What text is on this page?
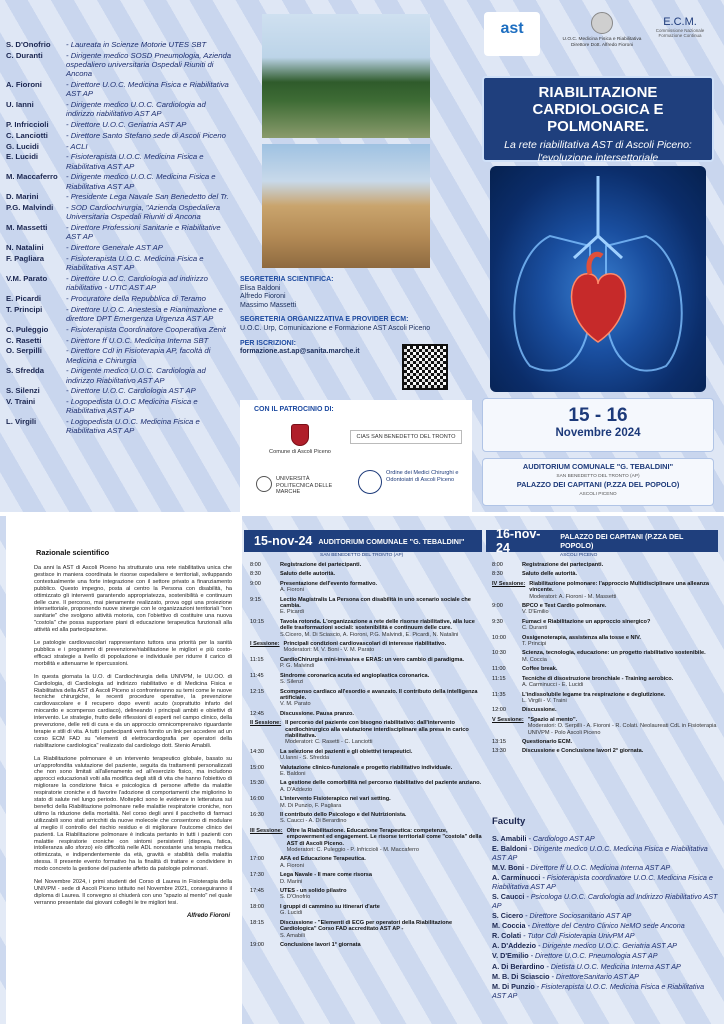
S. D'Onofrio	- Laureata in Scienze Motorie UTES SBT
C. Duranti	- Dirigente medico SOSD Pneumologia, Azienda ospedaliero universitaria Ospedali Riuniti di Ancona
A. Fioroni	- Direttore U.O.C. Medicina Fisica e Riabilitativa AST AP
U. Ianni	- Dirigente medico U.O.C. Cardiologia ad indirizzo riabilitativo AST AP
P. Infriccioli	- Direttore U.O.C. Geriatria AST AP
C. Lanciotti	- Direttore Santo Stefano sede di Ascoli Piceno
G. Lucidi	- ACLI
E. Lucidi	- Fisioterapista U.O.C. Medicina Fisica e Riabilitativa AST AP
M. Maccaferro	- Dirigente medico U.O.C. Medicina Fisica e Riabilitativa AST AP
D. Marini	- Presidente Lega Navale San Benedetto del Tr.
P.G. Malvindi	- SOD Cardiochirurgia, "Azienda Ospedaliera Universitaria Ospedali Riuniti di Ancona
M. Massetti	- Direttore Professioni Sanitarie e Riabilitative AST AP
N. Natalini	- Direttore Generale AST AP
F. Pagliara	- Fisioterapista U.O.C. Medicina Fisica e Riabilitativa AST AP
V.M. Parato	- Direttore U.O.C. Cardiologia ad indirizzo riabilitativo - UTIC AST AP
E. Picardi	- Procuratore della Repubblica di Teramo
T. Principi	- Direttore U.O.C. Anestesia e Rianimazione e direttore DPT Emergenza Urgenza AST AP
C. Puleggio	- Fisioterapista Coordinatore Cooperativa Zenit
C. Rasetti	- Direttore ff U.O.C. Medicina Interna SBT
O. Serpilli	- Direttore CdI in Fisioterapia AP, facoltà di Medicina e Chirurgia
S. Sfredda	- Dirigente medico U.O.C. Cardiologia ad indirizzo Riabilitativo AST AP
S. Silenzi	- Direttore U.O.C. Cardiologia AST AP
V. Traini	- Logopedista U.O.C Medicina Fisica e Riabilitativa AST AP
L. Virgili	- Logopedista U.O.C. Medicina Fisica e Riabilitativa AST AP
SEGRETERIA SCIENTIFICA:
Elisa Baldoni
Alfredo Fioroni
Massimo Massetti
SEGRETERIA ORGANIZZATIVA E PROVIDER ECM:
U.O.C. Urp, Comunicazione e Formazione AST Ascoli Piceno
PER ISCRIZIONI:
formazione.ast.ap@sanita.marche.it
CON IL PATROCINIO DI:
Comune di Ascoli Piceno
CIAS SAN BENEDETTO DEL TRONTO
UNIVERSITÀ POLITECNICA DELLE MARCHE
Ordine dei Medici Chirurghi e Odontoiatri di Ascoli Piceno
ast
U.O.C. Medicina Fisica e Riabilitativa
Direttore Dott. Alfredo Fioroni
E.C.M.
Commissione Nazionale Formazione Continua
RIABILITAZIONE CARDIOLOGICA E POLMONARE.
La rete riabilitativa AST di Ascoli Piceno: l'evoluzione intersettoriale
15 - 16
Novembre 2024
AUDITORIUM COMUNALE "G. TEBALDINI"
SAN BENEDETTO DEL TRONTO (AP)
PALAZZO DEI CAPITANI (P.ZZA DEL POPOLO)
ASCOLI PICENO
Razionale scientifico

Da anni la AST di Ascoli Piceno ha strutturato una rete riabilitativa unica che gestisce in maniera coordinata le risorse ospedaliere e territoriali, sviluppando contestualmente una forte integrazione con il settore privato a finanziamento pubblico. Questo impegno, posta al centro la Persona con disabilità, ha ottimizzato gli interventi garantendo appropriatezza, sostenibilità e continuum delle cure. Il percorso, mai pienamente realizzato, prova oggi una proiezione intersettoriale, proponendo nuove sinergie con le organizzazioni territoriali "non sanitarie" che svolgono attività motoria, con l'obiettivo di costituire una nuova "costola" che possa supportare piani di educazione terapeutica funzionali alla attività ed alla partecipazione.

Le patologie cardiovascolari rappresentano tuttora una priorità per la sanità pubblica e i programmi di prevenzione/riabilitazione le migliori e più costo-efficaci strategie a livello di popolazione e individuale per ridurre il carico di morbilità e attenuarne le ripercussioni.

In questa giornata la U.O. di Cardiochirurgia della UNIVPM, le UU.OO. di Cardiologia, di Cardiologia ad indirizzo riabilitativo e di Medicina Fisica e Riabilitativa della AST di Ascoli Piceno si confronteranno su temi come le nuove tecniche chirurgiche, le recenti procedure operative, la prevenzione cardiovascolare e il recupero dopo eventi acuto (soprattutto infarto del miocardio e scompenso cardiaco), delineando i principali ambiti e obiettivi di intervento. Le strategie, frutto delle riflessioni di esperti nel campo clinico, della prevenzione, delle reti di cura e da un approccio omnicomprensivo riguardante terapie e stili di vita. A tutti i partecipanti verrà fornito un link per accedere ad un corso ECM FAD su "elementi di elettrocardiografia per operatori della riabilitazione cardiologica" realizzato dal cardiologo dott. Stenio Amabili.

La Riabilitazione polmonare è un intervento terapeutico globale, basato su un'approfondita valutazione del paziente, seguita da trattamenti personalizzati che non sono limitati all'allenamento ed all'esercizio fisico, ma includono approcci educazionali volti alla modifica degli stili di vita che hanno l'obiettivo di migliorare la condizione fisica e psicologica di persone affette da malattie respiratorie croniche e di favorire l'adozione di comportamenti che migliorino lo stato di salute nel lungo periodo. Molteplici sono le evidenze in letteratura sui benefici della Riabilitazione polmonare nelle malattie respiratorie croniche, non ultimo la riduzione della mortalità. Nel corso degli anni il pacchetto di farmaci utilizzabili sono stati arricchiti da nuove molecole che consentono di modulare al meglio il controllo del rischio residuo e di migliorare l'outcome clinico dei pazienti. La Riabilitazione polmonare è indicata pertanto in tutti i pazienti con malattie respiratorie croniche con sintomi persistenti (dispnea, fatica, intolleranza allo sforzo) e/o difficoltà nelle ADL nonostante una terapia medica ottimizzata, e indipendentemente da età, gravità e stabilità della malattia stessa. Il presente evento formativo ha la finalità di trattare e condividere in modo concreto la gestione del paziente affetto da patologie polmonari.

Nel Novembre 2024, i primi studenti del Corso di Laurea in Fisioterapia della UNIVPM - sede di Ascoli Piceno istituito nel Novembre 2021, conseguiranno il diploma di Laurea. Il convegno si chiuderà con uno "spazio al mento" nel quale verranno presentate dai giovani colleghi le tre migliori tesi.

Alfredo Fioroni
15-nov-24 AUDITORIUM COMUNALE "G. TEBALDINI"
SAN BENEDETTO DEL TRONTO (AP)
8:00	Registrazione dei partecipanti.
8:30	Saluto delle autorità.
9:00	Presentazione dell'evento formativo.
A. Fioroni
9:15	Lectio Magistralis La Persona con disabilità in uno scenario sociale che cambia.
E. Picardi
10:15	Tavola rotonda. L'organizzazione a rete delle risorse riabilitative, alla luce delle trasformazioni sociali: sostenibilità e continuum delle cure.
S.Cicero, M. Di Sciascio, A. Fioroni, P.G. Malvindi, E. Picardi, N. Natalini
I Sessione: Principali condizioni cardiovascolari di interesse riabilitativo.
Moderatori: M. V. Boni - V. M. Parato
11:15	CardioChirurgia mini-invasiva e ERAS: un vero cambio di paradigma.
P. G. Malvindi
11:45	Sindrome coronarica acuta ed angioplastica coronarica.
S. Silenzi
12:15	Scompenso cardiaco all'esordio e avanzato. Il contributo della intelligenza artificiale.
V. M. Parato
12:45	Discussione. Pausa pranzo.
II Sessione: Il percorso del paziente con bisogno riabilitativo: dall'intervento cardiochirurgico alla valutazione interdisciplinare alla presa in carico riabilitativa.
Moderatori: C. Rasetti - C. Lanciotti
14:30	La selezione dei pazienti e gli obiettivi terapeutici.
U.Ianni - S. Sfredda
15:00	Valutazione clinico-funzionale e progetto riabilitativo individuale.
E. Baldoni
15:30	La gestione delle comorbilità nel percorso riabilitativo del paziente anziano.
A. D'Addezio
16:00	L'intervento Fisioterapico nei vari setting.
M. Di Punzio, F. Pagliara
16:30	Il contributo dello Psicologo e del Nutrizionista.
S. Caucci - A. Di Berardino
III Sessione: Oltre la Riabilitazione. Educazione Terapeutica: competenze, empowerment ed engagement. Le risorse territoriali come "costola" della AST di Ascoli Piceno.
Moderatori: C. Puleggio - P. Infriccioli - M. Maccaferro
17:00	AFA ed Educazione Terapeutica.
A. Fioroni
17:30	Lega Navale - Il mare come risorsa
D. Marini
17:45	UTES - un solido pilastro
S. D'Onofrio
18:00	I gruppi di cammino su itinerari d'arte
G. Lucidi
18:15	Discussione - "Elementi di ECG per operatori della Riabilitazione Cardiologica" Corso FAD accreditato AST AP -
S. Amabili
19:00	Conclusione lavori 1° giornata
16-nov-24
PALAZZO DEI CAPITANI (P.ZZA DEL POPOLO)
ASCOLI PICENO
8:00	Registrazione dei partecipanti.
8:30	Saluto delle autorità.
IV Sessione: Riabilitazione polmonare: l'approccio Multidisciplinare una alleanza vincente.
Moderatori: A. Fioroni - M. Massetti
9:00	BPCO e Test Cardio polmonare.
V. D'Emilio
9:30	Fumaci e Riabilitazione un approccio sinergico?
C. Duranti
10:00	Ossigenoterapia, assistenza alla tosse e NIV.
T. Principi
10:30	Scienza, tecnologia, educazione: un progetto riabilitativo sostenibile.
M. Coccia
11:00	Coffee break.
11:15	Tecniche di disostruzione bronchiale - Training aerobico.
A. Carminucci - E. Lucidi
11:35	L'indissolubile legame tra respirazione e deglutizione.
L. Virgili - V. Traini
12:00	Discussione.
V Sessione: "Spazio al mento".
Moderatori: O. Serpilli - A. Fioroni - R. Colati. Neolaureati CdL in Fisioterapia UNIVPM - Polo Ascoli Piceno
13:15	Questionario ECM.
13:30	Discussione e Conclusione lavori 2° giornata.
Faculty
S. Amabili - Cardiologo AST AP
E. Baldoni - Dirigente medico U.O.C. Medicina Fisica e Riabilitativa AST AP
M.V. Boni - Direttore ff U.O.C. Medicina Interna AST AP
A. Carminucci - Fisioterapista coordinatore U.O.C. Medicina Fisica e Riabilitativa AST AP
S. Caucci - Psicologa U.O.C. Cardiologia ad Indirizzo Riabilitativo AST AP
S. Cicero - Direttore Sociosanitario AST AP
M. Coccia - Direttore del Centro Clinico NeMO sede Ancona
R. Colati - Tutor CdI Fisioterapia UnivPM AP
A. D'Addezio - Dirigente medico U.O.C. Geriatria AST AP
V. D'Emilio - Direttore U.O.C. Pneumologia AST AP
A. Di Berardino - Dietista U.O.C. Medicina Interna AST AP
M. B. Di Sciascio - DirettoreSanitario AST AP
M. Di Punzio - Fisioterapista U.O.C. Medicina Fisica e Riabilitativa AST AP
